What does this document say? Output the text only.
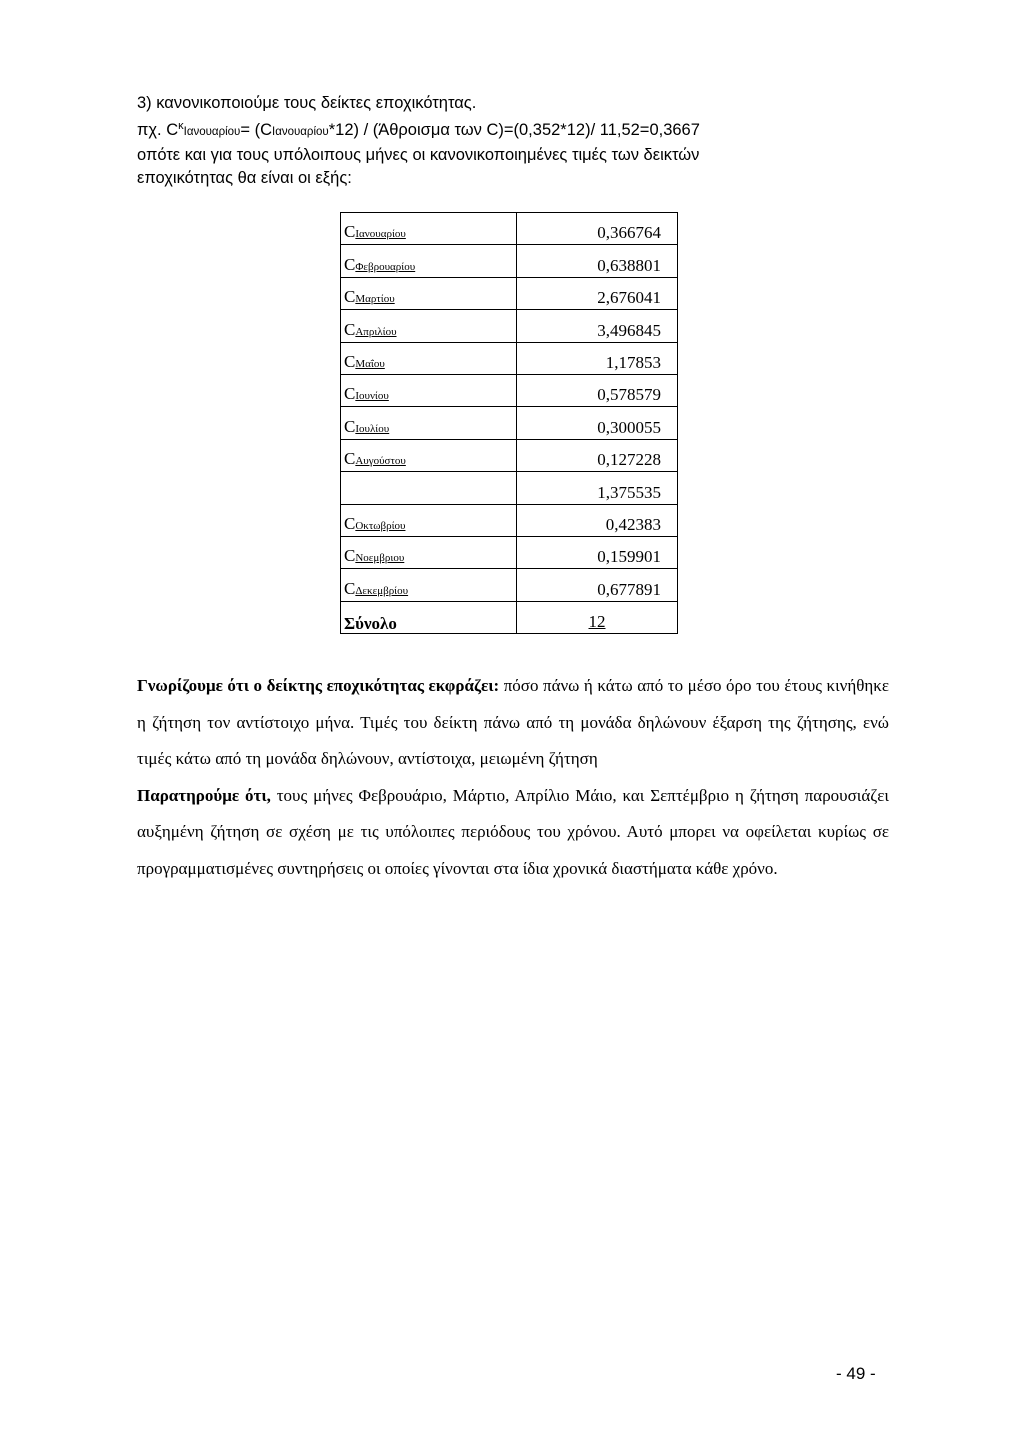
3) κανονικοποιούμε τους δείκτες εποχικότητας.

πχ. $C^\kappa I\alpha\nu o\upsilon\alpha\rho ίo\upsilon= (CI\alpha\nu o\upsilon\alpha\rho ίo\upsilon*12) / (Ά\theta\rho o\iota\sigma\mu\alpha$ των C)=(0,352*12)/ 11,52=0,3667

οπότε και για τους υπόλοιπους μήνες οι κανονικοποιημένες τιμές των δεικτών

εποχικότητας θα είναι οι εξής:

CΙανουαρίου	0,366764
CΦεβρουαρίου	0,638801
CΜαρτίου	2,676041
CΑπριλίου	3,496845
CΜαΐου	1,17853
CΙουνίου	0,578579
CΙουλίου	0,300055
CΑυγούστου	0,127228
	1,375535
CΟκτωβρίου	0,42383
CΝοεμβριου	0,159901
CΔεκεμβρίου	0,677891
Σύνολο	12

Γνωρίζουμε ότι ο δείκτης εποχικότητας εκφράζει: πόσο πάνω ή κάτω από το μέσο όρο του έτους κινήθηκε η ζήτηση τον αντίστοιχο μήνα. Τιμές του δείκτη πάνω από τη μονάδα δηλώνουν έξαρση της ζήτησης, ενώ τιμές κάτω από τη μονάδα δηλώνουν, αντίστοιχα, μειωμένη ζήτηση

Παρατηρούμε ότι, τους μήνες Φεβρουάριο, Μάρτιο, Απρίλιο Μάιο, και Σεπτέμβριο η ζήτηση παρουσιάζει αυξημένη ζήτηση σε σχέση με τις υπόλοιπες περιόδους του χρόνου. Αυτό μπορει να οφείλεται κυρίως σε προγραμματισμένες συντηρήσεις οι οποίες γίνονται στα ίδια χρονικά διαστήματα κάθε χρόνο.

- 49 -
